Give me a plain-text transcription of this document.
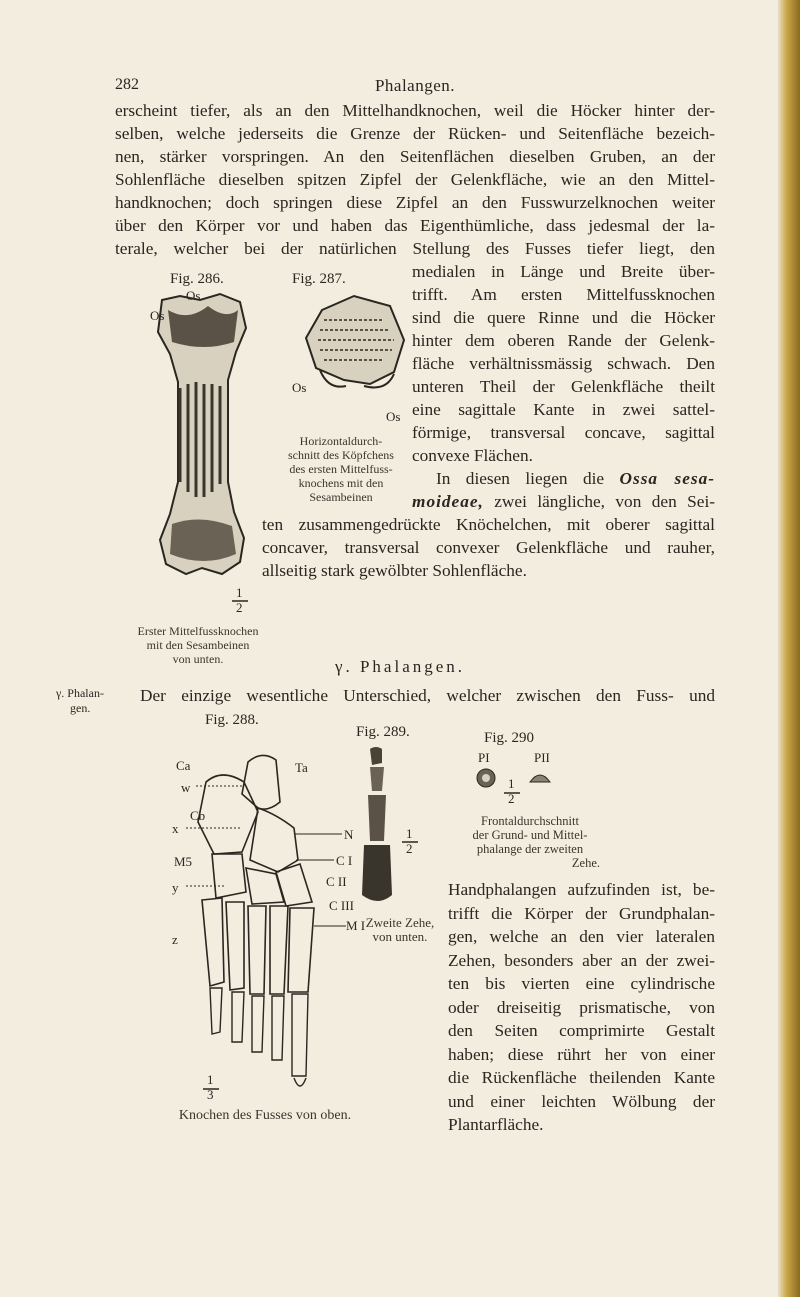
282	Phalangen.
erscheint tiefer, als an den Mittelhandknochen, weil die Höcker hinter der-
selben, welche jederseits die Grenze der Rücken- und Seitenfläche bezeich-
nen, stärker vorspringen. An den Seitenflächen dieselben Gruben, an der
Sohlenfläche dieselben spitzen Zipfel der Gelenkfläche, wie an den Mittel-
handknochen; doch springen diese Zipfel an den Fusswurzelknochen weiter
über den Körper vor und haben das Eigenthümliche, dass jedesmal der la-
terale, welcher bei der natürlichen Stellung des Fusses tiefer liegt, den
medialen in Länge und Breite über-
trifft. Am ersten Mittelfussknochen
sind die quere Rinne und die Höcker
hinter dem oberen Rande der Gelenk-
fläche verhältnissmässig schwach. Den
unteren Theil der Gelenkfläche theilt
eine sagittale Kante in zwei sattel-
förmige, transversal concave, sagittal
convexe Flächen.
In diesen liegen die Ossa sesa-
moideae, zwei längliche, von den Sei-
ten zusammengedrückte Knöchelchen, mit oberer sagittal
concaver, transversal convexer Gelenkfläche und rauher,
allseitig stark gewölbter Sohlenfläche.
Fig. 286.
Os
Os
1
2
Erster Mittelfussknochen
mit den Sesambeinen
von unten.
Fig. 287.
Os
Os
Horizontaldurch-
schnitt des Köpfchens
des ersten Mittelfuss-
knochens mit den
Sesambeinen
γ. Phalangen.
γ. Phalan-
gen.
Der einzige wesentliche Unterschied, welcher zwischen den Fuss- und
Fig. 288.
Ca
w
Cb
x
M5
y
z
Ta
N
C I
C II
C III
M I
1
3
Knochen des Fusses von oben.
Fig. 289.
1
2
Zweite Zehe,
von unten.
Fig. 290
PI	PII
1
2
Frontaldurchschnitt
der Grund- und Mittel-
phalange der zweiten
Zehe.
Handphalangen aufzufinden ist, be-
trifft die Körper der Grundphalan-
gen, welche an den vier lateralen
Zehen, besonders aber an der zwei-
ten bis vierten eine cylindrische
oder dreiseitig prismatische, von
den Seiten comprimirte Gestalt
haben; diese rührt her von einer
die Rückenfläche theilenden Kante
und einer leichten Wölbung der
Plantarfläche.
